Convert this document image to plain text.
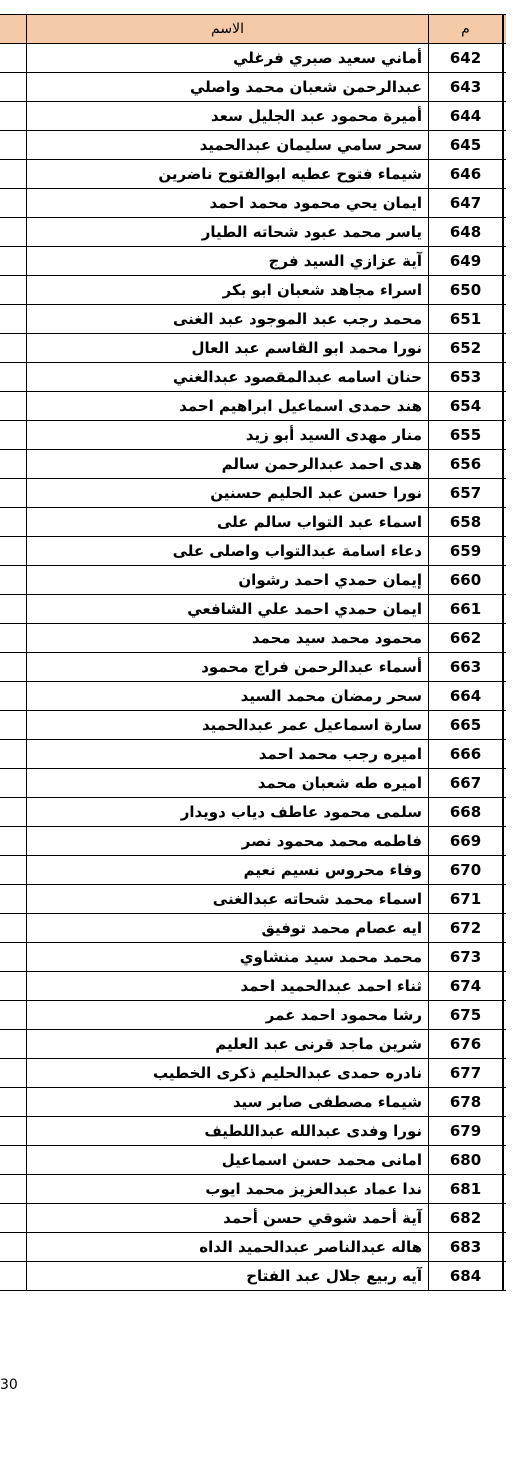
الاسم	م
أماني سعيد صبري فرغلي	642
عبدالرحمن شعبان محمد واصلي	643
أميرة محمود عبد الجليل سعد	644
سحر سامي سليمان عبدالحميد	645
شيماء فتوح عطيه ابوالفتوح ناضرين	646
ايمان يحي محمود محمد احمد	647
ياسر محمد عبود شحاته الطيار	648
آية عزازي السيد فرج	649
اسراء مجاهد شعبان ابو بكر	650
محمد رجب عبد الموجود عبد الغنى	651
نورا محمد ابو القاسم عبد العال	652
حنان اسامه عبدالمقصود عبدالغني	653
هند حمدى اسماعيل ابراهيم احمد	654
منار مهدى السيد أبو زيد	655
هدى احمد عبدالرحمن سالم	656
نورا حسن عبد الحليم حسنين	657
اسماء عبد التواب سالم على	658
دعاء اسامة عبدالتواب واصلى على	659
إيمان حمدي احمد رشوان	660
ايمان حمدي احمد علي الشافعي	661
محمود محمد سيد محمد	662
أسماء عبدالرحمن فراج محمود	663
سحر رمضان محمد السيد	664
سارة اسماعيل عمر عبدالحميد	665
اميره رجب محمد احمد	666
اميره طه شعبان محمد	667
سلمى محمود عاطف دياب دويدار	668
فاطمه محمد محمود نصر	669
وفاء محروس نسيم نعيم	670
اسماء محمد شحاته عبدالغنى	671
ايه عصام محمد توفيق	672
محمد محمد سيد منشاوي	673
ثناء احمد عبدالحميد احمد	674
رشا محمود احمد عمر	675
شرين ماجد قرنى عبد العليم	676
نادره حمدى عبدالحليم ذكرى الخطيب	677
شيماء مصطفى صابر سيد	678
نورا وفدى عبدالله عبداللطيف	679
امانى محمد حسن اسماعيل	680
ندا عماد عبدالعزيز محمد ايوب	681
آية أحمد شوقي حسن أحمد	682
هاله عبدالناصر عبدالحميد الداه	683
آيه ربيع جلال عبد الفتاح	684
30
